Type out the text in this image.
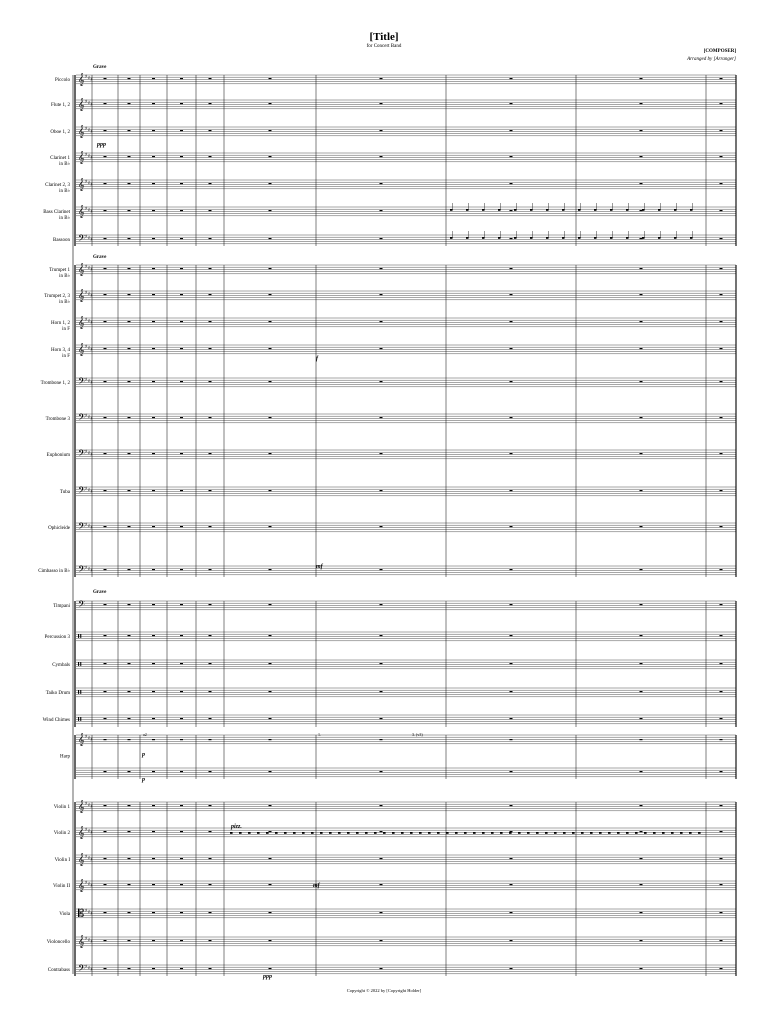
[Title]
for Concert Band
[COMPOSER]
Arranged by [Arranger]
Piccolo 𝄞 ♯ ♯ ♯
Flute 1, 2 𝄞 ♯ ♯ ♯
Oboe 1, 2 𝄞 ♯ ♯ ♯
Clarinet 1
in B♭
𝄞 ♯ ♯ ♯
Clarinet 2, 3
in B♭
𝄞 ♯ ♯ ♯
Bass Clarinet
in B♭
𝄞 ♯ ♯ ♯
Bassoon 𝄢 ♯ ♯ ♯
Trumpet 1
in B♭
𝄞 ♯ ♯ ♯
Trumpet 2, 3
in B♭
𝄞 ♯ ♯ ♯
Horn 1, 2
in F
𝄞 ♯ ♯ ♯
Horn 3, 4
in F
𝄞 ♯ ♯ ♯
Trombone 1, 2 𝄢 ♯ ♯ ♯
Trombone 3 𝄢 ♯ ♯ ♯
Euphonium 𝄢 ♯ ♯ ♯
Tuba 𝄢 ♯ ♯ ♯
Ophicleide 𝄢 ♯ ♯ ♯
Cimbasso in B♭ 𝄢 ♯ ♯ ♯
Timpani 𝄢
Percussion 3 𝄥
Cymbals 𝄥
Taiko Drum 𝄥
Wind Chimes 𝄥
Harp
𝄞 ♯ ♯ ♯
Violin 1 𝄞 ♯ ♯ ♯
Violin 2 𝄞 ♯ ♯ ♯
Violin I 𝄞 ♯ ♯ ♯
Violin II 𝄞 ♯ ♯ ♯
Viola 𝄡 ♯ ♯ ♯
Violoncello 𝄞 ♯ ♯ ♯
Contrabass 𝄢 ♯ ♯ ♯
Grave
Grave
Grave
ppp
p
p
mf
mf
f
pizz.
ppp
a2	1.	3. (v3)
Copyright © 2022 by [Copyright Holder]
